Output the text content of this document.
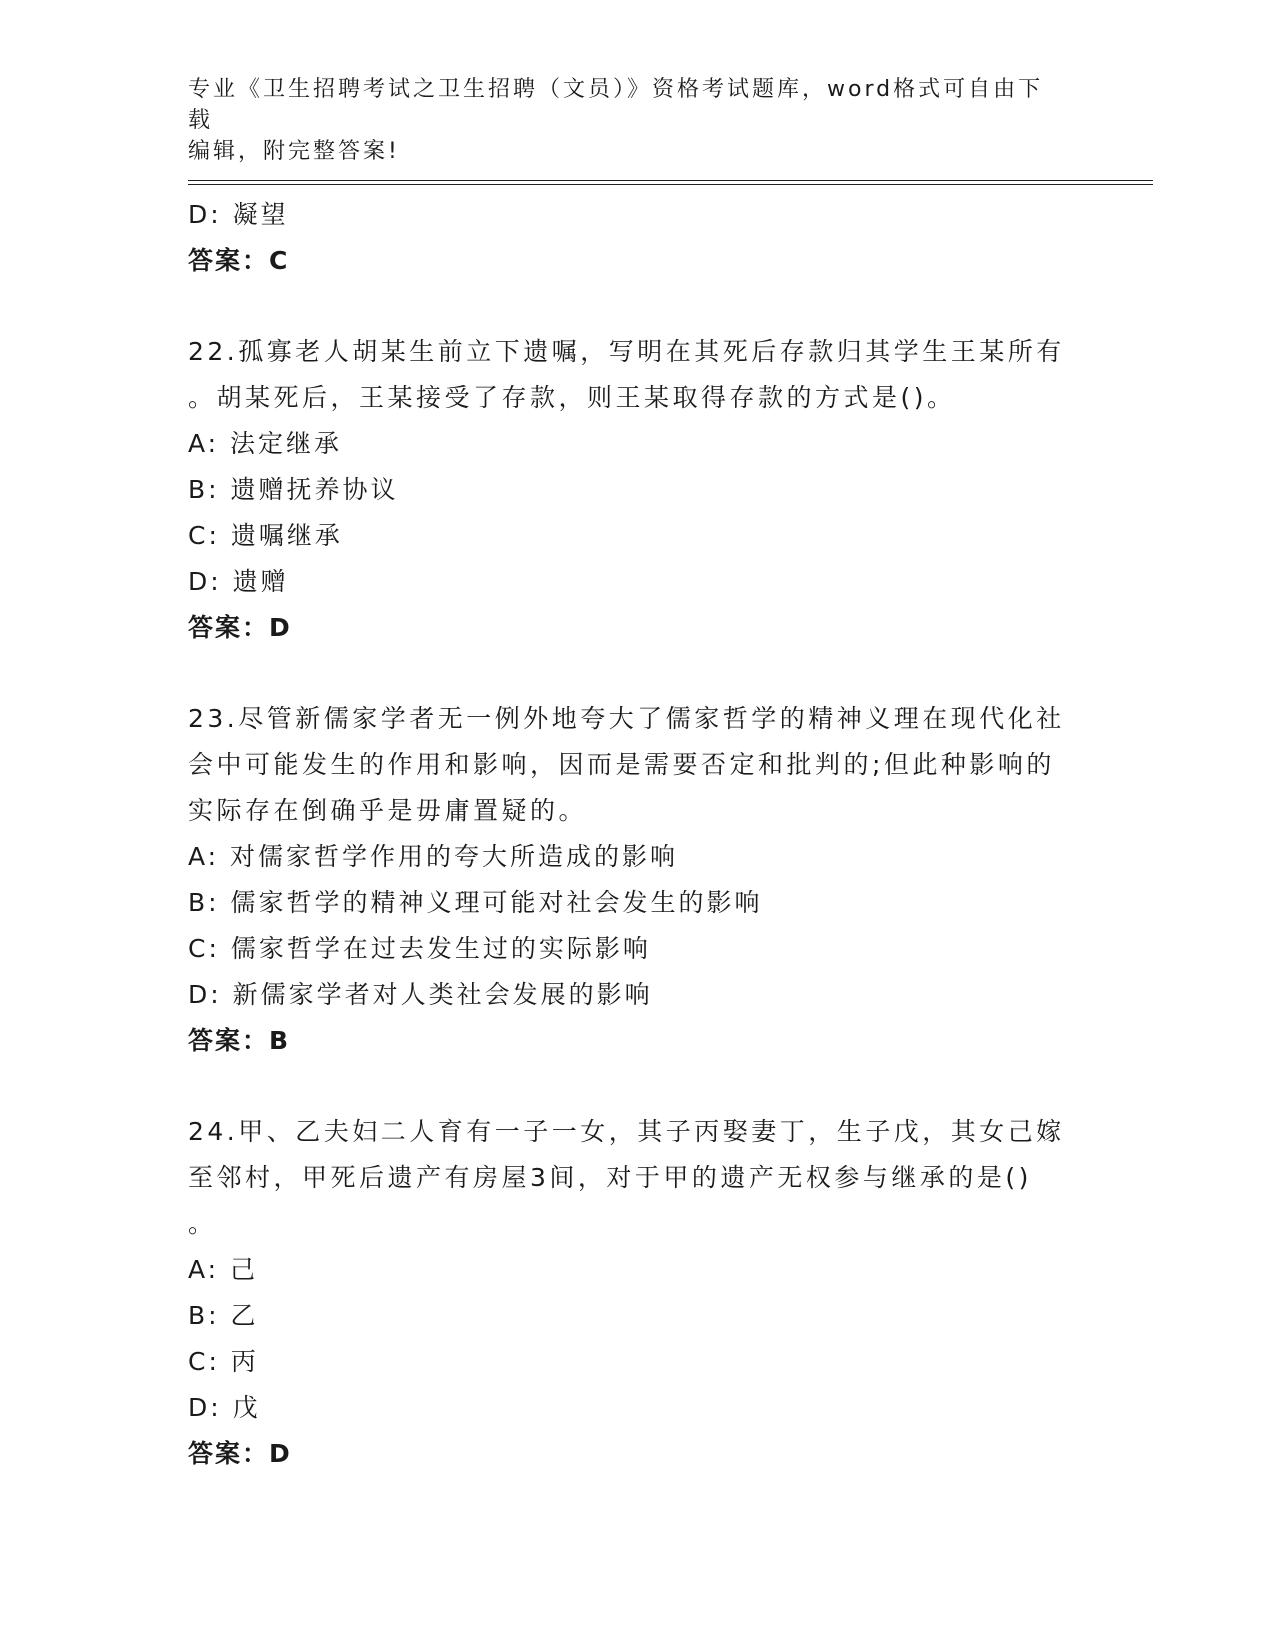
专业《卫生招聘考试之卫生招聘（文员）》资格考试题库，word格式可自由下载
编辑，附完整答案!
D: 凝望
答案：C
22.孤寡老人胡某生前立下遗嘱，写明在其死后存款归其学生王某所有
。胡某死后，王某接受了存款，则王某取得存款的方式是()。
A: 法定继承
B: 遗赠抚养协议
C: 遗嘱继承
D: 遗赠
答案：D
23.尽管新儒家学者无一例外地夸大了儒家哲学的精神义理在现代化社
会中可能发生的作用和影响，因而是需要否定和批判的;但此种影响的
实际存在倒确乎是毋庸置疑的。
A: 对儒家哲学作用的夸大所造成的影响
B: 儒家哲学的精神义理可能对社会发生的影响
C: 儒家哲学在过去发生过的实际影响
D: 新儒家学者对人类社会发展的影响
答案：B
24.甲、乙夫妇二人育有一子一女，其子丙娶妻丁，生子戊，其女己嫁
至邻村，甲死后遗产有房屋3间，对于甲的遗产无权参与继承的是()
。
A: 己
B: 乙
C: 丙
D: 戊
答案：D
